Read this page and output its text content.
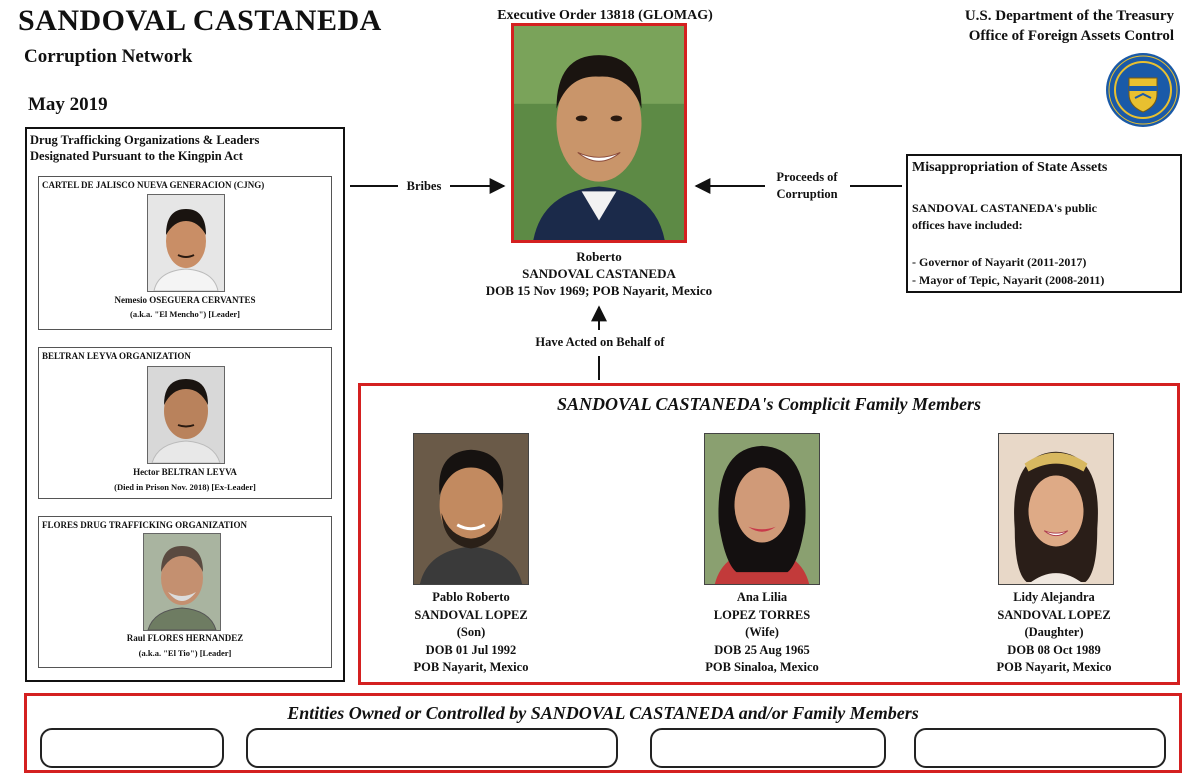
SANDOVAL CASTANEDA
Corruption Network
May 2019
Executive Order 13818 (GLOMAG)	U.S. Department of the Treasury
Office of Foreign Assets Control
Roberto
SANDOVAL CASTANEDA
DOB 15 Nov 1969; POB Nayarit, Mexico
Drug Trafficking Organizations & Leaders
Designated Pursuant to the Kingpin Act
CARTEL DE JALISCO NUEVA GENERACION (CJNG)
Nemesio OSEGUERA CERVANTES
(a.k.a. "El Mencho") [Leader]
BELTRAN LEYVA ORGANIZATION
Hector BELTRAN LEYVA
(Died in Prison Nov. 2018) [Ex-Leader]
FLORES DRUG TRAFFICKING ORGANIZATION
Raul FLORES HERNANDEZ
(a.k.a. "El Tio") [Leader]
Misappropriation of State Assets
SANDOVAL CASTANEDA's public
offices have included:
- Governor of Nayarit (2011-2017)
- Mayor of Tepic, Nayarit (2008-2011)
Bribes
Proceeds of
Corruption
Have Acted on Behalf of
SANDOVAL CASTANEDA's Complicit Family Members
Pablo Roberto
SANDOVAL LOPEZ
(Son)
DOB 01 Jul 1992
POB Nayarit, Mexico
Ana Lilia
LOPEZ TORRES
(Wife)
DOB 25 Aug 1965
POB Sinaloa, Mexico
Lidy Alejandra
SANDOVAL LOPEZ
(Daughter)
DOB 08 Oct 1989
POB Nayarit, Mexico
Entities Owned or Controlled by SANDOVAL CASTANEDA and/or Family Members
